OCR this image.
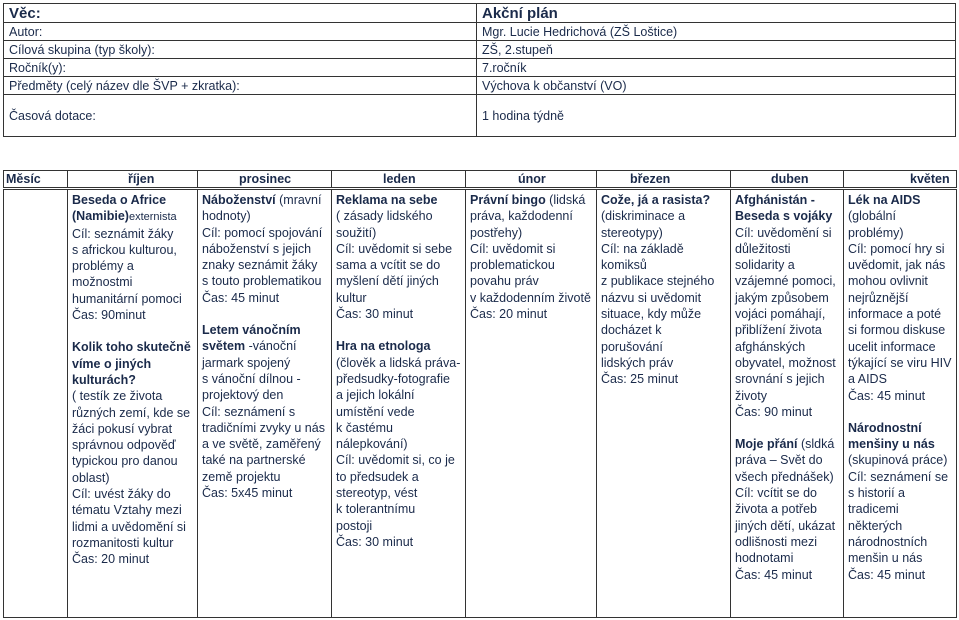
Věc:	Akční plán
Autor:	Mgr. Lucie Hedrichová (ZŠ Loštice)
Cílová skupina (typ školy):	ZŠ, 2.stupeň
Ročník(y):	7.ročník
Předměty (celý název dle ŠVP + zkratka):	Výchova k občanství (VO)
Časová dotace:	1 hodina týdně
Měsíc	říjen	prosinec	leden	únor	březen	duben	květen

Beseda o Africe
(Namibie)externista
Cíl: seznámit žáky
s africkou kulturou,
problémy a
možnostmi
humanitární pomoci
Čas: 90minut
Kolik toho skutečně
víme o jiných
kulturách?
( testík ze života
různých zemí, kde se
žáci pokusí vybrat
správnou odpověď
typickou pro danou
oblast)
Cíl: uvést žáky do
tématu Vztahy mezi
lidmi a uvědomění si
rozmanitosti kultur
Čas: 20 minut

Náboženství (mravní
hodnoty)
Cíl: pomocí spojování
náboženství s jejich
znaky seznámit žáky
s touto problematikou
Čas: 45 minut
Letem vánočním
světem -vánoční
jarmark spojený
s vánoční dílnou -
projektový den
Cíl: seznámení s
tradičními zvyky u nás
a ve světě, zaměřený
také na partnerské
země projektu
Čas: 5x45 minut

Reklama na sebe
( zásady lidského
soužití)
Cíl: uvědomit si sebe
sama a vcítit se do
myšlení dětí jiných
kultur
Čas: 30 minut
Hra na etnologa
(člověk a lidská práva-
předsudky-fotografie
a jejich lokální
umístění vede
k častému
nálepkování)
Cíl: uvědomit si, co je
to předsudek a
stereotyp, vést
k tolerantnímu
postoji
Čas: 30 minut

Právní bingo (lidská
práva, každodenní
postřehy)
Cíl: uvědomit si
problematickou
povahu práv
v každodenním životě
Čas: 20 minut

Cože, já a rasista?
(diskriminace a
stereotypy)
Cíl: na základě komiksů
z publikace stejného
názvu si uvědomit
situace, kdy může
docházet k porušování
lidských práv
Čas: 25 minut

Afghánistán -
Beseda s vojáky
Cíl: uvědomění si
důležitosti
solidarity a
vzájemné pomoci,
jakým způsobem
vojáci pomáhají,
přiblížení života
afghánských
obyvatel, možnost
srovnání s jejich
životy
Čas: 90 minut
Moje přání (sldká
práva – Svět do
všech přednášek)
Cíl: vcítit se do
života a potřeb
jiných dětí, ukázat
odlišnosti mezi
hodnotami
Čas: 45 minut

Lék na AIDS
(globální
problémy)
Cíl: pomocí hry si
uvědomit, jak nás
mohou ovlivnit
nejrůznější
informace a poté
si formou diskuse
ucelit informace
týkající se viru HIV
a AIDS
Čas: 45 minut
Národnostní
menšiny u nás
(skupinová práce)
Cíl: seznámení se
s historií a
tradicemi
některých
národnostních
menšin u nás
Čas: 45 minut
